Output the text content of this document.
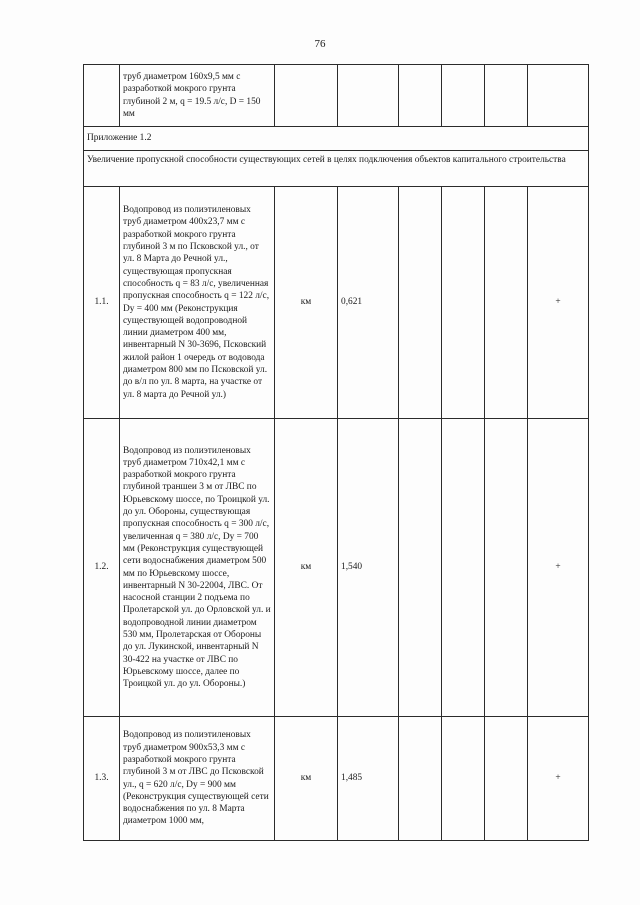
76
	труб диаметром 160х9,5 мм с разработкой мокрого грунта глубиной 2 м, q = 19.5 л/с, D = 150 мм						
Приложение 1.2							
Увеличение пропускной способности существующих сетей в целях подключения объектов капитального строительства							
1.1.	Водопровод из полиэтиленовых труб диаметром 400х23,7 мм с разработкой мокрого грунта глубиной 3 м по Псковской ул., от ул. 8 Марта до Речной ул., существующая пропускная способность q = 83 л/с, увеличенная пропускная способность q = 122 л/с, Dy = 400 мм (Реконструкция существующей водопроводной линии диаметром 400 мм, инвентарный N 30-3696, Псковский жилой район 1 очередь от водовода диаметром 800 мм по Псковской ул. до в/л по ул. 8 марта, на участке от ул. 8 марта до Речной ул.)	км	0,621				+
1.2.	Водопровод из полиэтиленовых труб диаметром 710х42,1 мм с разработкой мокрого грунта глубиной траншеи 3 м от ЛВС по Юрьевскому шоссе, по Троицкой ул. до ул. Обороны, существующая пропускная способность q = 300 л/с, увеличенная q = 380 л/с, Dy = 700 мм (Реконструкция существующей сети водоснабжения диаметром 500 мм по Юрьевскому шоссе, инвентарный N 30-22004, ЛВС. От насосной станции 2 подъема по Пролетарской ул. до Орловской ул. и водопроводной линии диаметром 530 мм, Пролетарская от Обороны до ул. Лукинской, инвентарный N 30-422 на участке от ЛВС по Юрьевскому шоссе, далее по Троицкой ул. до ул. Обороны.)	км	1,540				+
1.3.	Водопровод из полиэтиленовых труб диаметром 900х53,3 мм с разработкой мокрого грунта глубиной 3 м от ЛВС до Псковской ул., q = 620 л/с, Dy = 900 мм (Реконструкция существующей сети водоснабжения по ул. 8 Марта диаметром 1000 мм,	км	1,485				+
